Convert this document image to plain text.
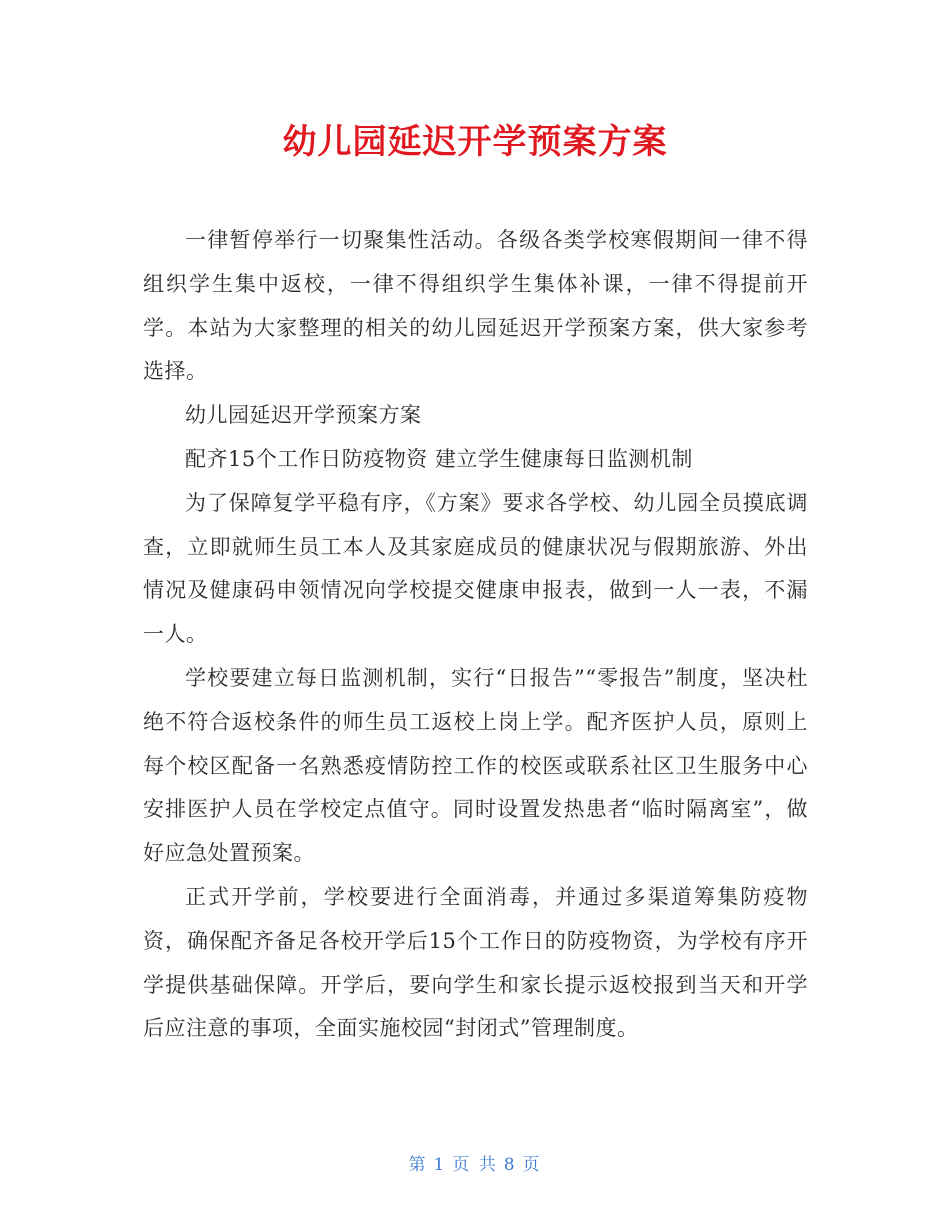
幼儿园延迟开学预案方案

一律暂停举行一切聚集性活动。各级各类学校寒假期间一律不得组织学生集中返校，一律不得组织学生集体补课，一律不得提前开学。本站为大家整理的相关的幼儿园延迟开学预案方案，供大家参考选择。

幼儿园延迟开学预案方案

配齐15个工作日防疫物资 建立学生健康每日监测机制

为了保障复学平稳有序，《方案》要求各学校、幼儿园全员摸底调查，立即就师生员工本人及其家庭成员的健康状况与假期旅游、外出情况及健康码申领情况向学校提交健康申报表，做到一人一表，不漏一人。

学校要建立每日监测机制，实行“日报告”“零报告”制度，坚决杜绝不符合返校条件的师生员工返校上岗上学。配齐医护人员，原则上每个校区配备一名熟悉疫情防控工作的校医或联系社区卫生服务中心安排医护人员在学校定点值守。同时设置发热患者“临时隔离室”，做好应急处置预案。

正式开学前，学校要进行全面消毒，并通过多渠道筹集防疫物资，确保配齐备足各校开学后15个工作日的防疫物资，为学校有序开学提供基础保障。开学后，要向学生和家长提示返校报到当天和开学后应注意的事项，全面实施校园“封闭式”管理制度。

第 1 页 共 8 页
